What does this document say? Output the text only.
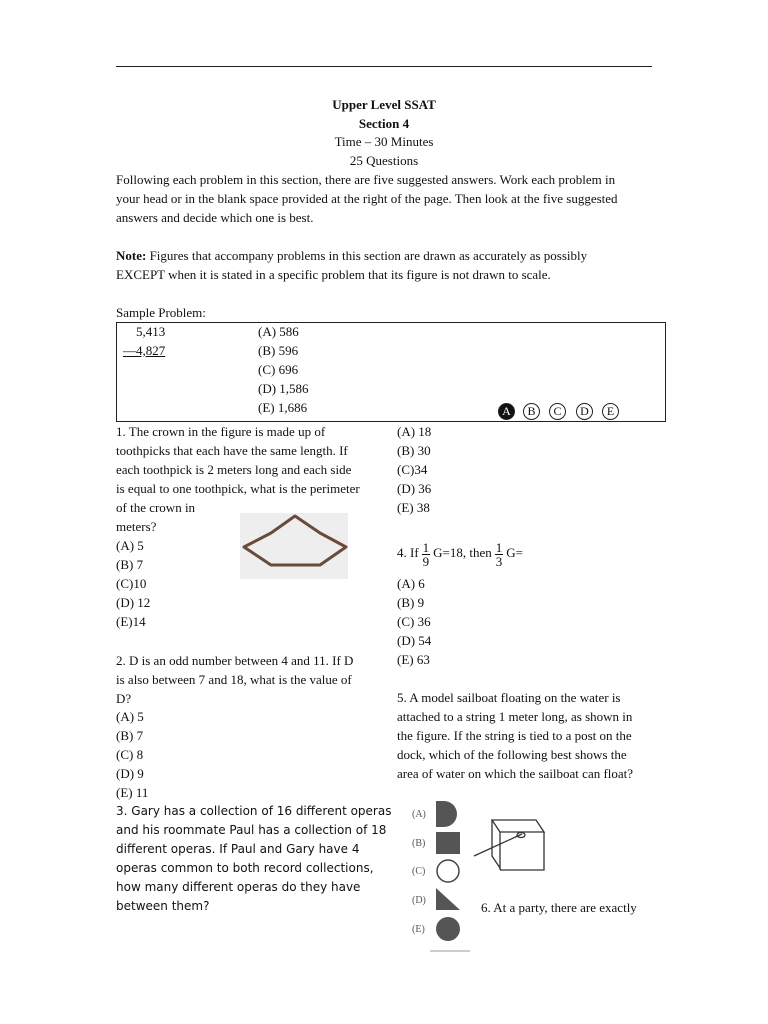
Upper Level SSAT
Section 4
Time – 30 Minutes
25 Questions
Following each problem in this section, there are five suggested answers. Work each problem in
your head or in the blank space provided at the right of the page. Then look at the five suggested
answers and decide which one is best.
Note: Figures that accompany problems in this section are drawn as accurately as possibly
EXCEPT when it is stated in a specific problem that its figure is not drawn to scale.
Sample Problem:
5,413
—4,827
(A) 586
(B) 596
(C) 696
(D) 1,586
(E) 1,686	A	B	C	D	E
1. The crown in the figure is made up of
toothpicks that each have the same length. If
each toothpick is 2 meters long and each side
is equal to one toothpick, what is the perimeter
of the crown in
meters?
(A) 5
(B) 7
(C)10
(D) 12
(E)14
2. D is an odd number between 4 and 11. If D
is also between 7 and 18, what is the value of
D?
(A) 5
(B) 7
(C) 8
(D) 9
(E) 11
3. Gary has a collection of 16 different operas
and his roommate Paul has a collection of 18
different operas. If Paul and Gary have 4
operas common to both record collections,
how many different operas do they have
between them?
(A) 18
(B) 30
(C)34
(D) 36
(E) 38
4. If $\frac{1}{9} G=18$, then $\frac{1}{3} G=$
(A) 6
(B) 9
(C) 36
(D) 54
(E) 63
5. A model sailboat floating on the water is
attached to a string 1 meter long, as shown in
the figure. If the string is tied to a post on the
dock, which of the following best shows the
area of water on which the sailboat can float?
(A)
(B)
(C)
(D)
(E)
6. At a party, there are exactly
